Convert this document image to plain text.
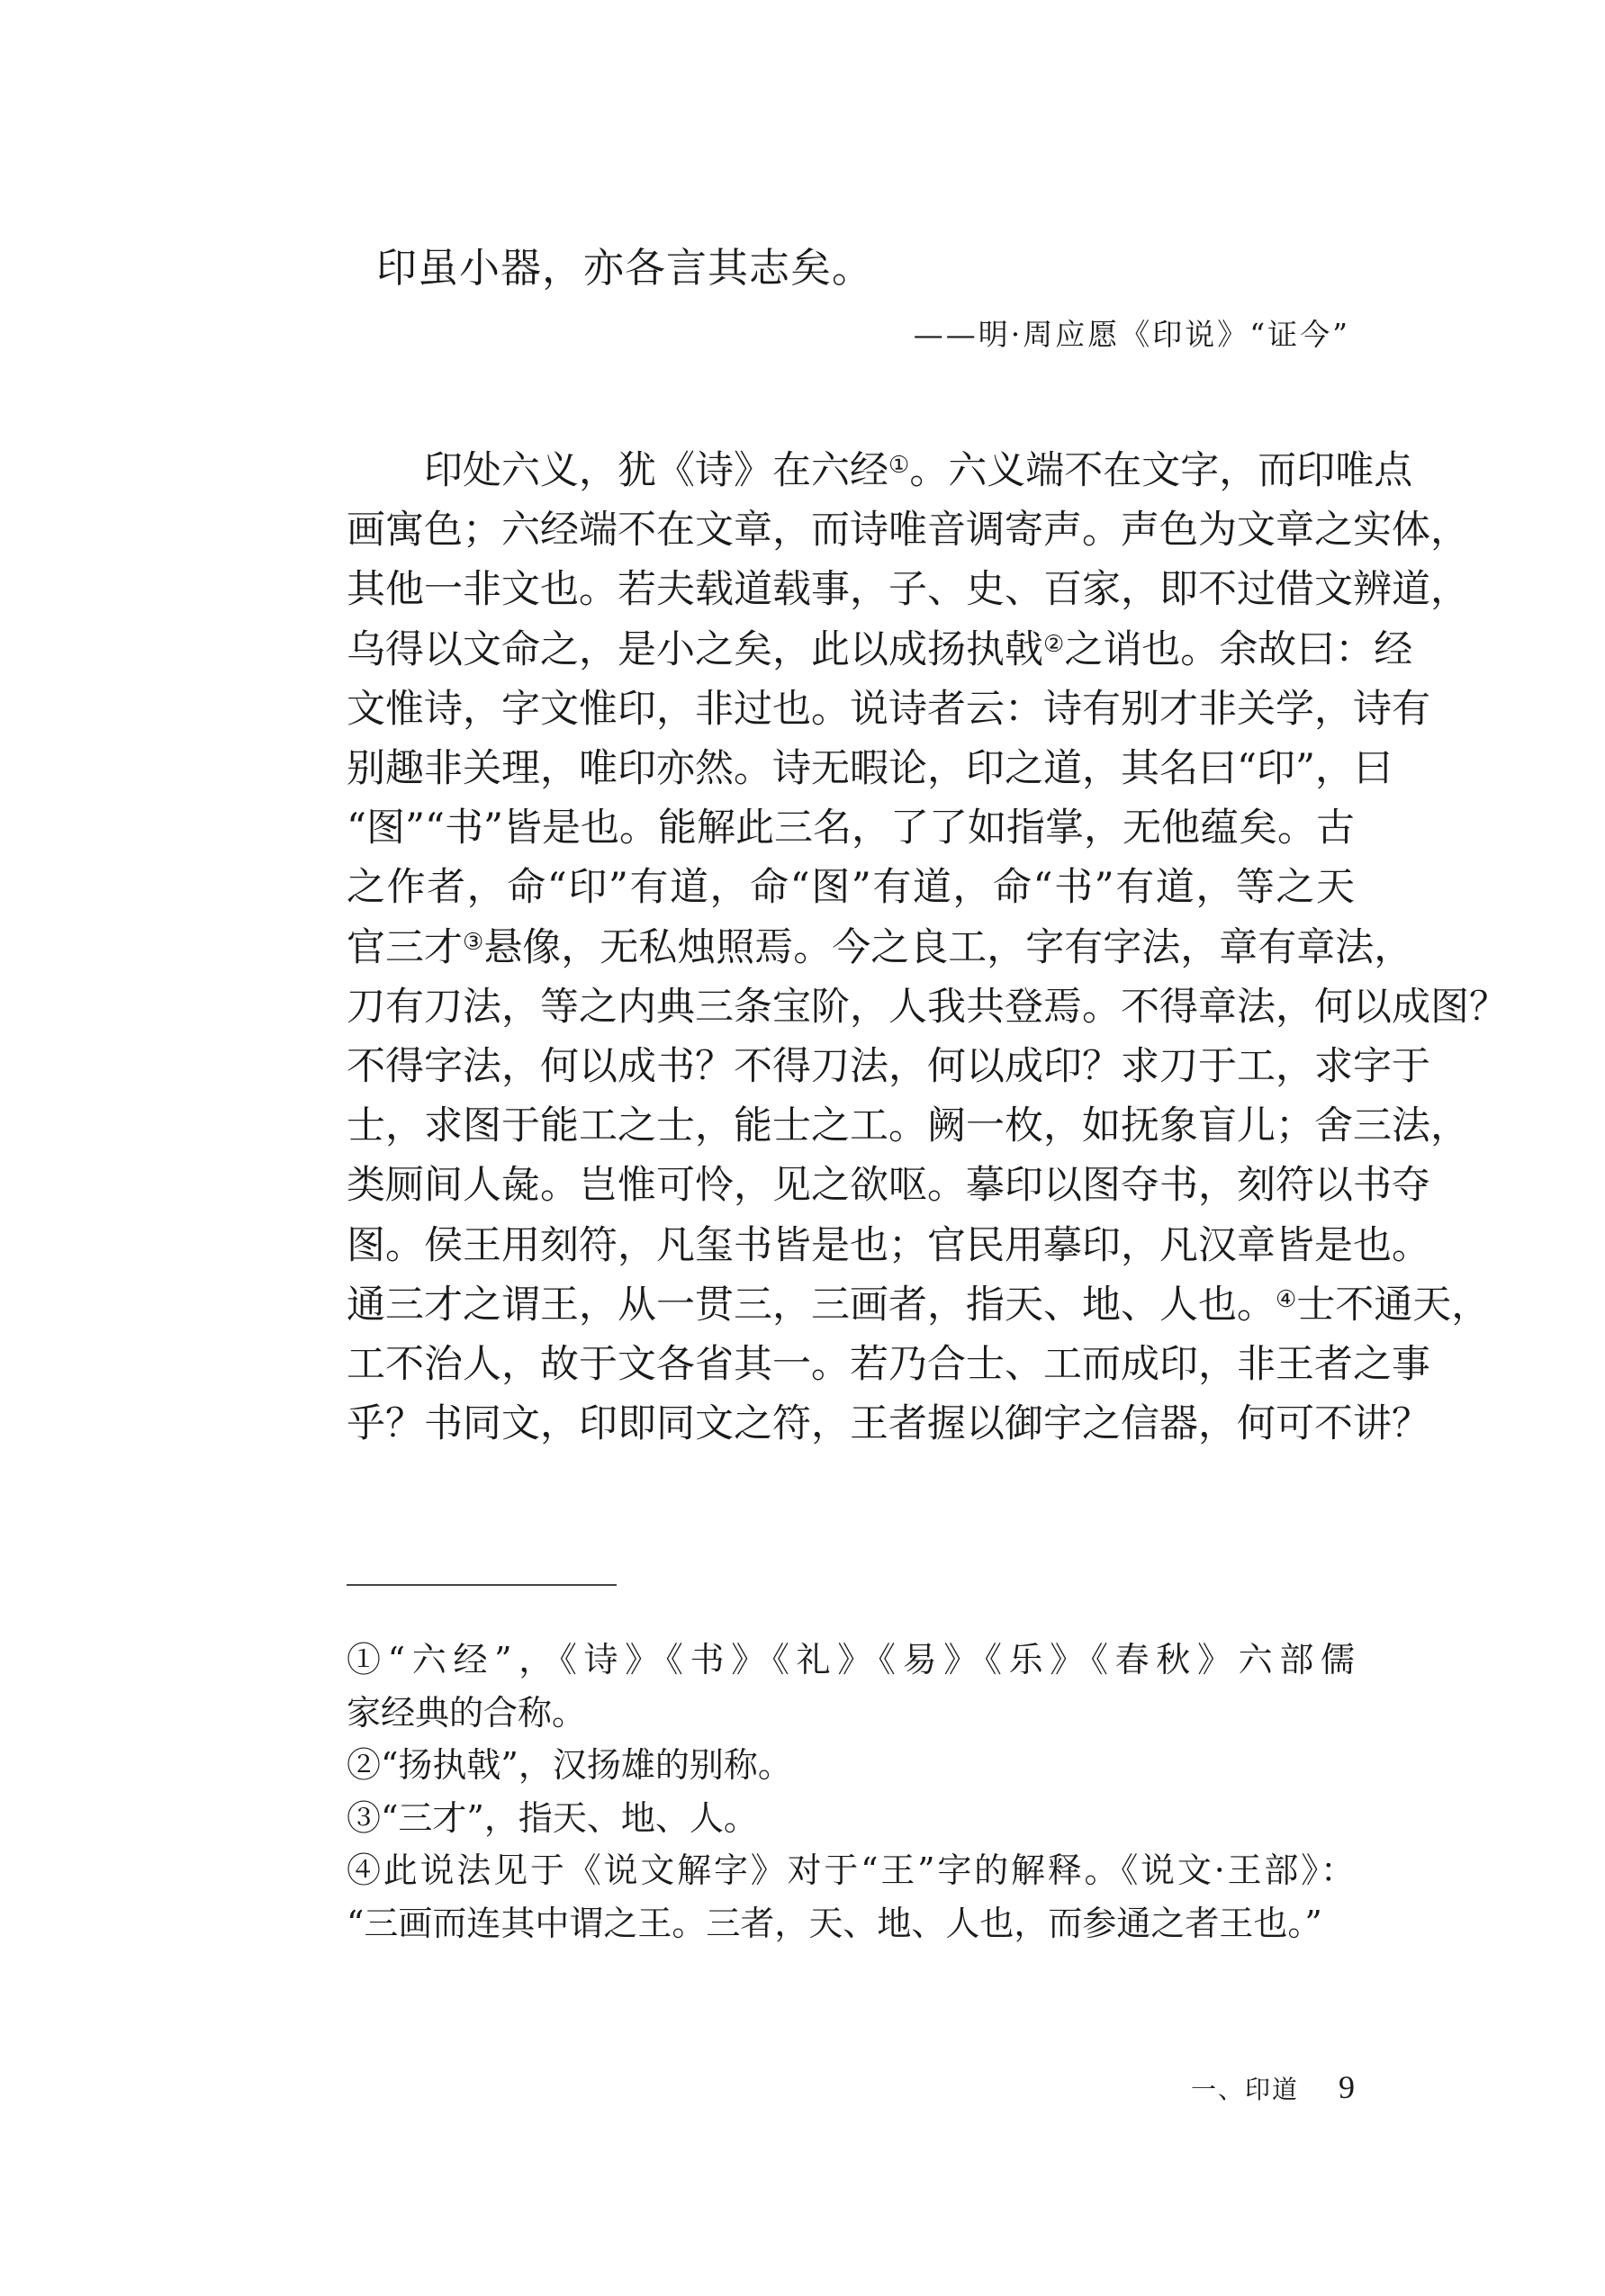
印虽小器，亦各言其志矣。
——明·周应愿《印说》“证今”

印处六义，犹《诗》在六经①。六义端不在文字，而印唯点

画寓色；六经端不在文章，而诗唯音调寄声。声色为文章之实体，

其他一非文也。若夫载道载事，子、史、百家，即不过借文辨道，

乌得以文命之，是小之矣，此以成扬执戟②之诮也。余故曰：经

文惟诗，字文惟印，非过也。说诗者云：诗有别才非关学，诗有

别趣非关理，唯印亦然。诗无暇论，印之道，其名曰“印”，曰

“图”“书”皆是也。能解此三名，了了如指掌，无他蕴矣。古

之作者，命“印”有道，命“图”有道，命“书”有道，等之天

官三才③悬像，无私烛照焉。今之良工，字有字法，章有章法，

刀有刀法，等之内典三条宝阶，人我共登焉。不得章法，何以成图？

不得字法，何以成书？不得刀法，何以成印？求刀于工，求字于

士，求图于能工之士，能士之工。阙一枚，如抚象盲儿；舍三法，

类厕间人彘。岂惟可怜，见之欲呕。摹印以图夺书，刻符以书夺

图。侯王用刻符，凡玺书皆是也；官民用摹印，凡汉章皆是也。

通三才之谓王，从一贯三，三画者，指天、地、人也。④士不通天，

工不治人，故于文各省其一。若乃合士、工而成印，非王者之事

乎？书同文，印即同文之符，王者握以御宇之信器，何可不讲？

①“六经”，《诗》《书》《礼》《易》《乐》《春秋》六部儒

家经典的合称。

②“扬执戟”，汉扬雄的别称。

③“三才”，指天、地、人。

④此说法见于《说文解字》对于“王”字的解释。《说文·王部》：

“三画而连其中谓之王。三者，天、地、人也，而参通之者王也。”

一、印道 9
